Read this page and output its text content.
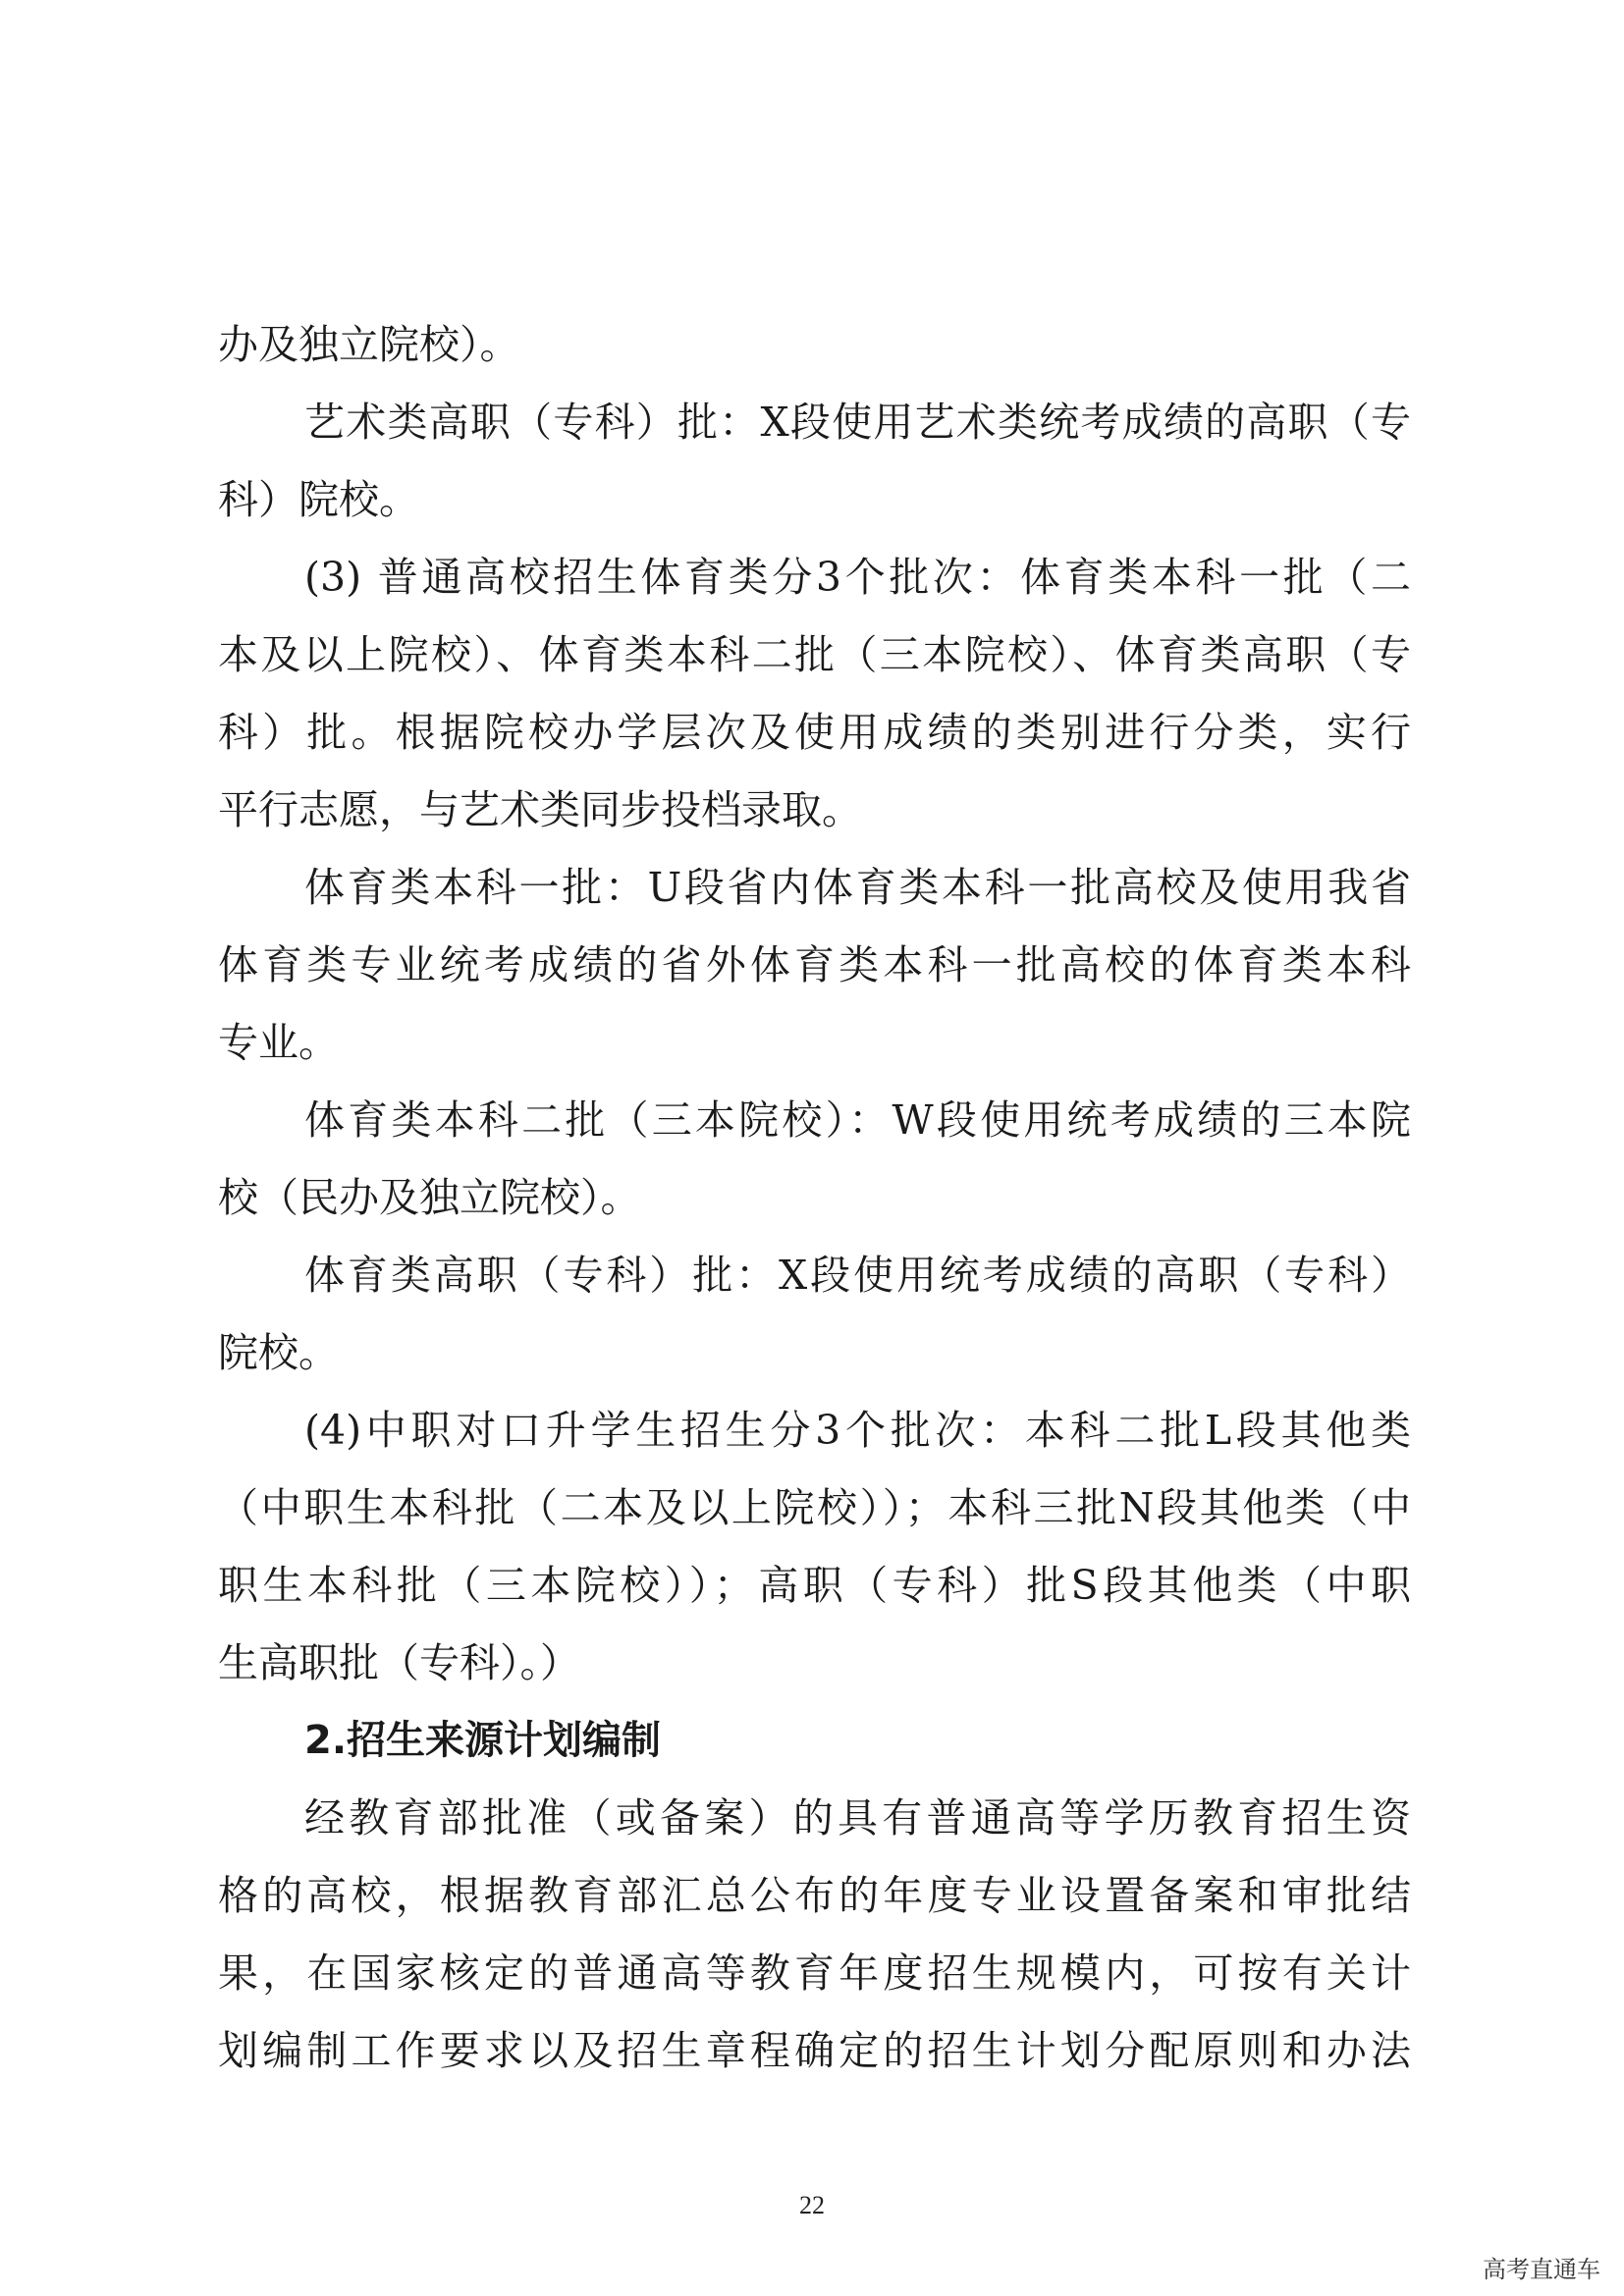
办及独立院校）。
艺术类高职（专科）批：X段使用艺术类统考成绩的高职（专
科）院校。
(3) 普通高校招生体育类分3个批次：体育类本科一批（二
本及以上院校）、体育类本科二批（三本院校）、体育类高职（专
科）批。根据院校办学层次及使用成绩的类别进行分类，实行
平行志愿，与艺术类同步投档录取。
体育类本科一批：U段省内体育类本科一批高校及使用我省
体育类专业统考成绩的省外体育类本科一批高校的体育类本科
专业。
体育类本科二批（三本院校）：W段使用统考成绩的三本院
校（民办及独立院校）。
体育类高职（专科）批：X段使用统考成绩的高职（专科）
院校。
(4)中职对口升学生招生分3个批次：本科二批L段其他类
（中职生本科批（二本及以上院校））；本科三批N段其他类（中
职生本科批（三本院校））；高职（专科）批S段其他类（中职
生高职批（专科）。）
2.招生来源计划编制
经教育部批准（或备案）的具有普通高等学历教育招生资
格的高校，根据教育部汇总公布的年度专业设置备案和审批结
果，在国家核定的普通高等教育年度招生规模内，可按有关计
划编制工作要求以及招生章程确定的招生计划分配原则和办法
22
高考直通车
